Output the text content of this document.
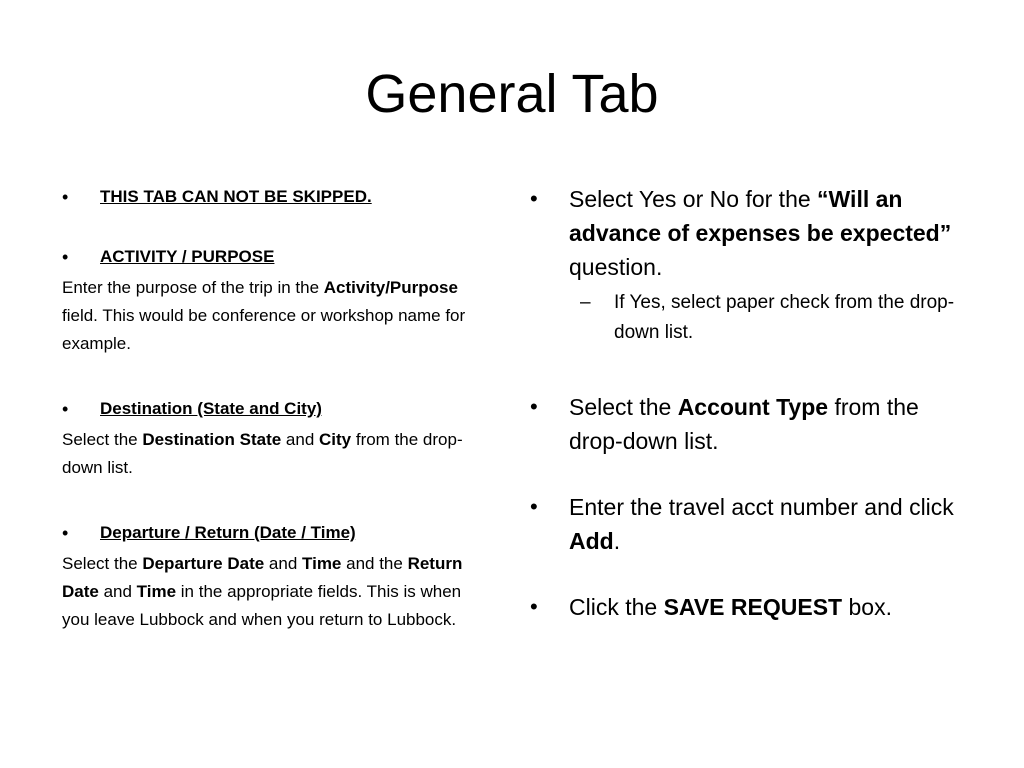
General Tab
•	THIS TAB CAN NOT BE SKIPPED.
•	ACTIVITY / PURPOSE

Enter the purpose of the trip in the Activity/Purpose field. This would be conference or workshop name for example.

•	Destination (State and City)

Select the Destination State and City from the drop-down list.

•	Departure / Return (Date / Time)

Select the Departure Date and Time and the Return Date and Time in the appropriate fields. This is when you leave Lubbock and when you return to Lubbock.

•	Select Yes or No for the “Will an advance of expenses be expected” question.
–	If Yes, select paper check from the drop-down list.
•	Select the Account Type from the drop-down list.
•	Enter the travel acct number and click Add.
•	Click the SAVE REQUEST box.
